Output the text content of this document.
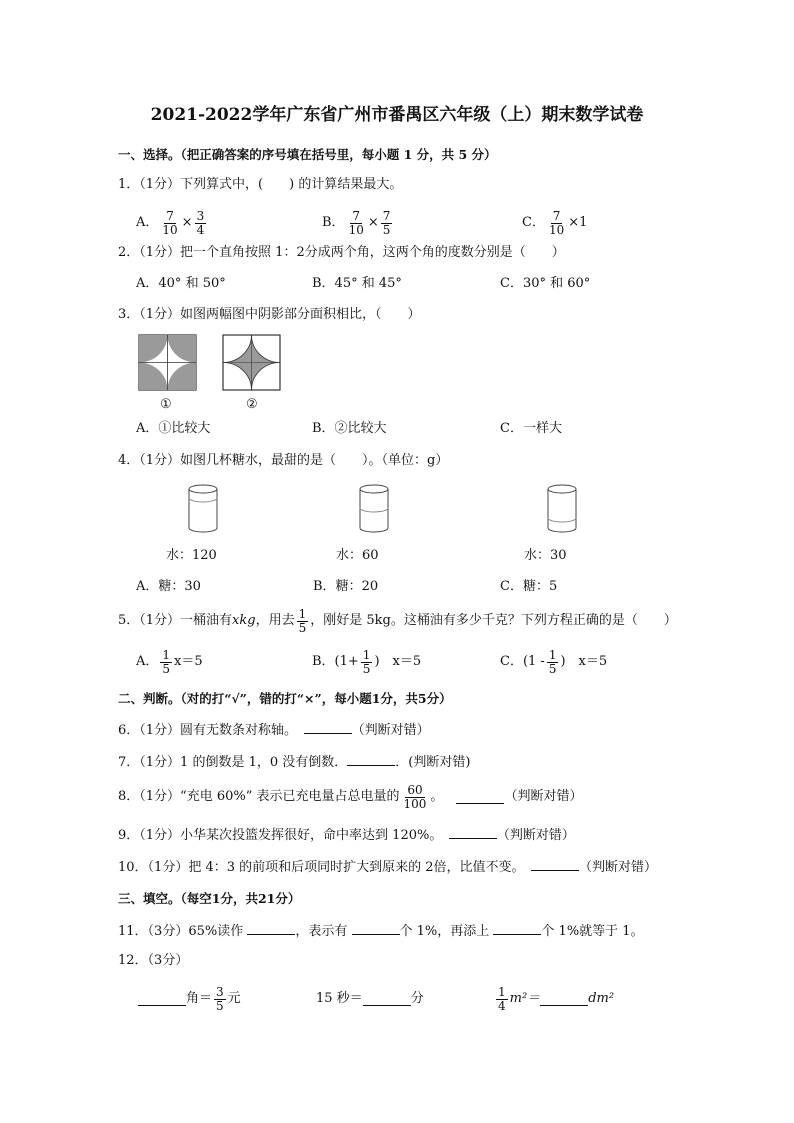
2021-2022学年广东省广州市番禺区六年级（上）期末数学试卷
一、选择。（把正确答案的序号填在括号里，每小题 1 分，共 5 分）
1．（1分）下列算式中，(　　) 的计算结果最大。
A． $\frac{7}{10} \times \frac{3}{4}$	B． $\frac{7}{10} \times \frac{7}{5}$	C． $\frac{7}{10} \times 1$
2．（1分）把一个直角按照 1：2分成两个角，这两个角的度数分别是（　　）
A．40° 和 50°	B．45° 和 45°	C．30° 和 60°
3．（1分）如图两幅图中阴影部分面积相比，（　　）
①	②
A．①比较大	B．②比较大	C．一样大
4．（1分）如图几杯糖水，最甜的是（　　）。（单位：g）
水：120
A．糖：30
水：60
B．糖：20
水：30
C．糖：5
5．（1分）一桶油有 xkg ，用去 $\frac{1}{5}$ ，刚好是 5kg。这桶油有多少千克？下列方程正确的是（　　）
A． $\frac{1}{5} x=5$	B．($1+ \frac{1}{5}$ )　x＝5	C．($1 - \frac{1}{5}$ )　x＝5
二、判断。（对的打“√”，错的打“×”，每小题1分，共5分）
6．（1分）圆有无数条对称轴。　	（判断对错）
7．（1分）1 的倒数是 1，0 没有倒数．	．(判断对错)
8．（1分）“充电 60%” 表示已充电量占总电量的 $\frac{60}{100}$ 。
　	（判断对错）
9．（1分）小华某次投篮发挥很好，命中率达到 120%。　	（判断对错）
10．（1分）把 4：3 的前项和后项同时扩大到原来的 2倍，比值不变。　	（判断对错）
三、填空。（每空1分，共21分）
11．（3分）65%读作	，表示有	个 1%，再添上	个 1%就等于 1。
12．（3分）
角＝ $\frac{3}{5}$ 元	15 秒＝	分	$\frac{1}{4} m^2=$	dm²
